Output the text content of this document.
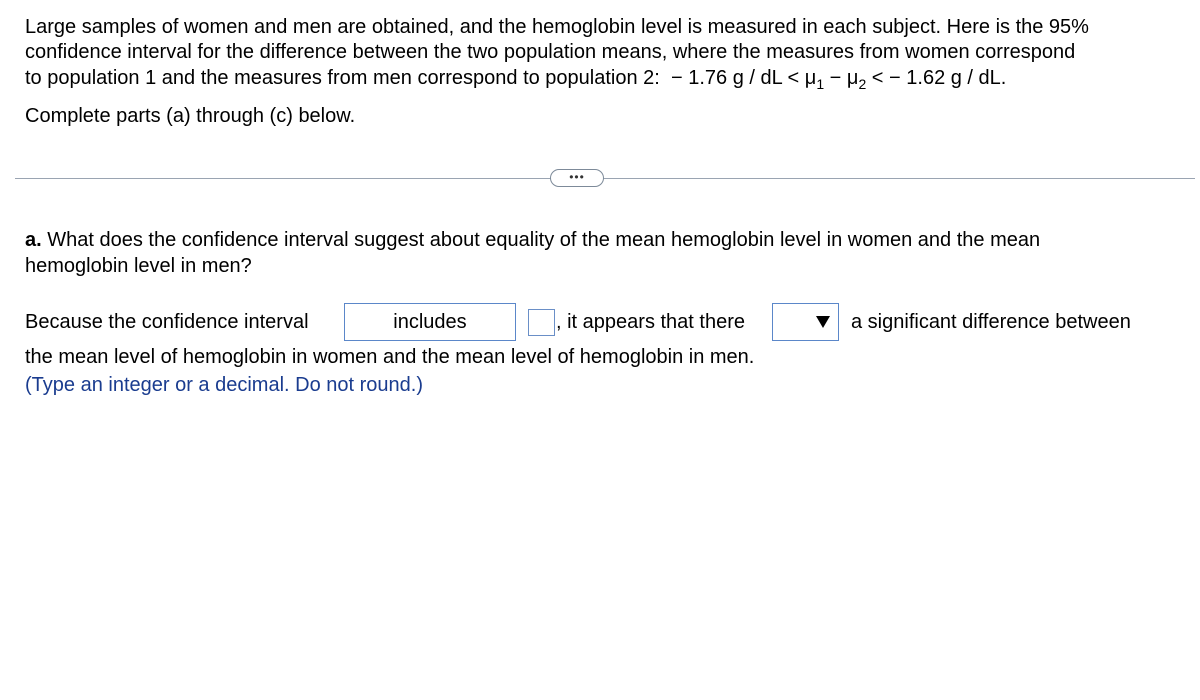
Large samples of women and men are obtained, and the hemoglobin level is measured in each subject. Here is the 95%
confidence interval for the difference between the two population means, where the measures from women correspond
to population 1 and the measures from men correspond to population 2: − 1.76 g / dL < $\mu_1 - \mu_2$ < − 1.62 g / dL.
Complete parts (a) through (c) below.
•••
a. What does the confidence interval suggest about equality of the mean hemoglobin level in women and the mean
hemoglobin level in men?
Because the confidence interval	includes	, it appears that there	a significant difference between
the mean level of hemoglobin in women and the mean level of hemoglobin in men.
(Type an integer or a decimal. Do not round.)
